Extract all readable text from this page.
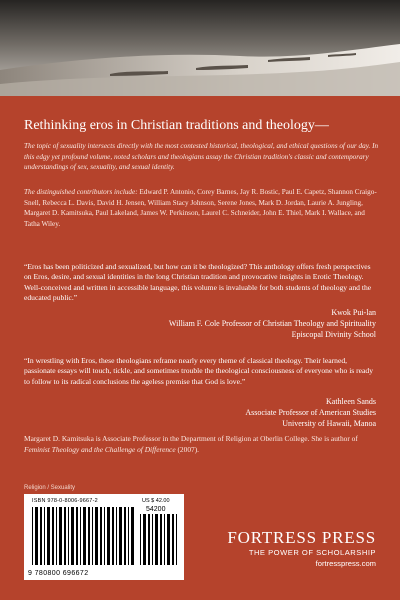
Rethinking eros in Christian traditions and theology—
The topic of sexuality intersects directly with the most contested historical, theological, and ethical questions of our day. In this edgy yet profound volume, noted scholars and theologians assay the Christian tradition's classic and contemporary understandings of sex, sexuality, and sexual identity.
The distinguished contributors include: Edward P. Antonio, Corey Barnes, Jay R. Bostic, Paul E. Capetz, Shannon Craigo-Snell, Rebecca L. Davis, David H. Jensen, William Stacy Johnson, Serene Jones, Mark D. Jordan, Laurie A. Jungling, Margaret D. Kamitsuka, Paul Lakeland, James W. Perkinson, Laurel C. Schneider, John E. Thiel, Mark I. Wallace, and Tatha Wiley.
“Eros has been politicized and sexualized, but how can it be theologized? This anthology offers fresh perspectives on Eros, desire, and sexual identities in the long Christian tradition and provocative insights in Erotic Theology. Well-conceived and written in accessible language, this volume is invaluable for both students of theology and the educated public.”
Kwok Pui-lan
William F. Cole Professor of Christian Theology and Spirituality
Episcopal Divinity School
“In wrestling with Eros, these theologians reframe nearly every theme of classical theology. Their learned, passionate essays will touch, tickle, and sometimes trouble the theological consciousness of everyone who is ready to follow to its radical conclusions the ageless premise that God is love.”
Kathleen Sands
Associate Professor of American Studies
University of Hawaii, Manoa
Margaret D. Kamitsuka is Associate Professor in the Department of Religion at Oberlin College. She is author of Feminist Theology and the Challenge of Difference (2007).
Religion / Sexuality
ISBN 978-0-8006-9667-2	US $ 42.00
54200
9 780800 696672
FORTRESS PRESS
THE POWER OF SCHOLARSHIP
fortresspress.com
